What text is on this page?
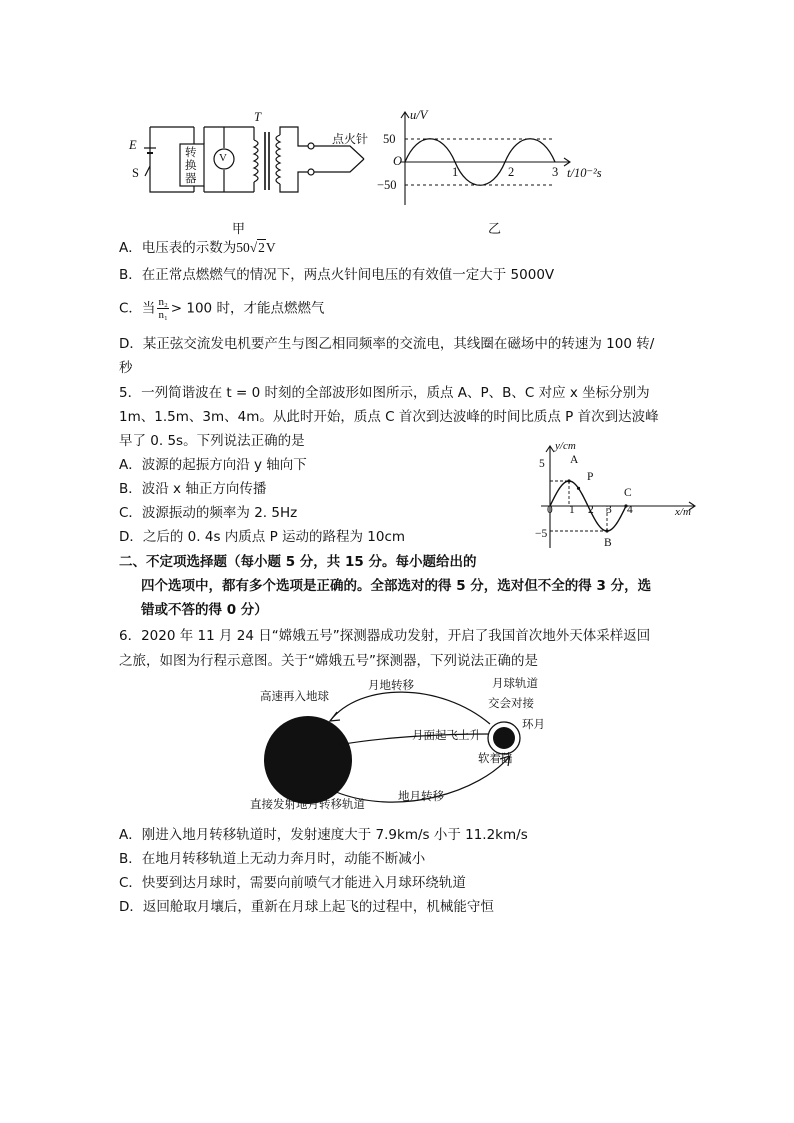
E
S
T
转换器
V
点火针
甲
u/V
50
O
−50
1	2	3 t/10⁻²s
乙
A．电压表的示数为50√2V
B．在正常点燃燃气的情况下，两点火针间电压的有效值一定大于 5000V
C．当 $\frac{\text{n₂}}{\text{n₁}} > 100$ 时，才能点燃燃气
D．某正弦交流发电机要产生与图乙相同频率的交流电，其线圈在磁场中的转速为 100 转/
秒
5．一列简谐波在 t = 0 时刻的全部波形如图所示，质点 A、P、B、C 对应 x 坐标分别为
1m、1.5m、3m、4m。从此时开始，质点 C 首次到达波峰的时间比质点 P 首次到达波峰
早了 0. 5s。下列说法正确的是
A．波源的起振方向沿 y 轴向下
B．波沿 x 轴正方向传播
C．波源振动的频率为 2. 5Hz
D．之后的 0. 4s 内质点 P 运动的路程为 10cm
y/cm
x/m
0
5
−5
1 2 3 4
A
P
B
C
二、不定项选择题（每小题 5 分，共 15 分。每小题给出的
四个选项中，都有多个选项是正确的。全部选对的得 5 分，选对但不全的得 3 分，选
错或不答的得 0 分）
6．2020 年 11 月 24 日“嫦娥五号”探测器成功发射，开启了我国首次地外天体采样返回
之旅，如图为行程示意图。关于“嫦娥五号”探测器，下列说法正确的是
高速再入地球
月地转移	月球轨道
交会对接
环月
月面起飞上升
软着陆
地月转移
直接发射地月转移轨道
A．刚进入地月转移轨道时，发射速度大于 7.9km/s 小于 11.2km/s
B．在地月转移轨道上无动力奔月时，动能不断减小
C．快要到达月球时，需要向前喷气才能进入月球环绕轨道
D．返回舱取月壤后，重新在月球上起飞的过程中，机械能守恒
